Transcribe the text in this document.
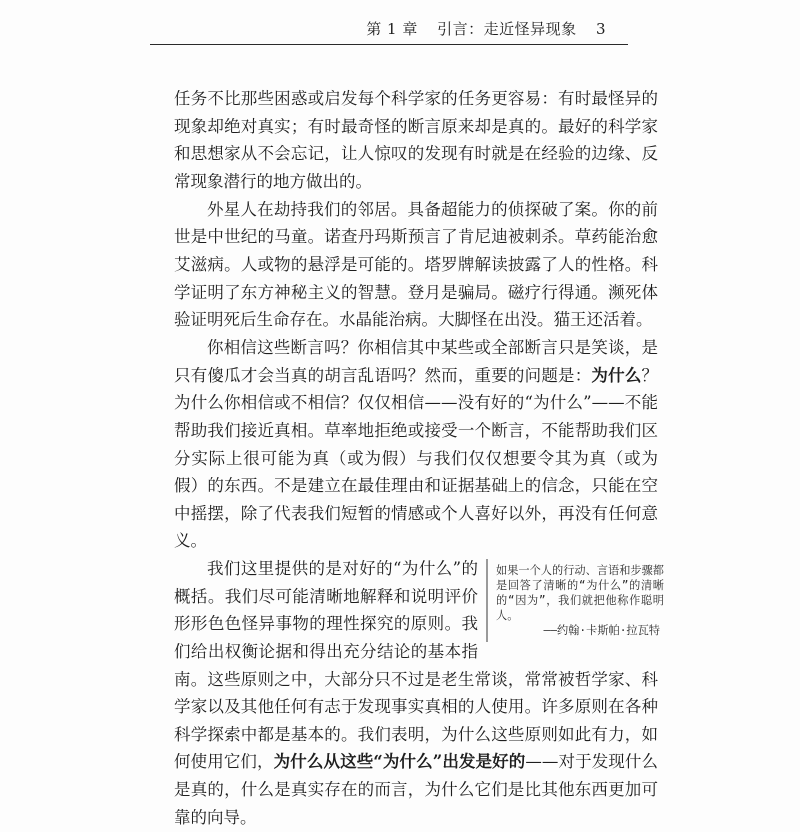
第 1 章 引言：走近怪异现象 3

任务不比那些困惑或启发每个科学家的任务更容易：有时最怪异的现象却绝对真实；有时最奇怪的断言原来却是真的。最好的科学家和思想家从不会忘记，让人惊叹的发现有时就是在经验的边缘、反常现象潜行的地方做出的。

外星人在劫持我们的邻居。具备超能力的侦探破了案。你的前世是中世纪的马童。诺查丹玛斯预言了肯尼迪被刺杀。草药能治愈艾滋病。人或物的悬浮是可能的。塔罗牌解读披露了人的性格。科学证明了东方神秘主义的智慧。登月是骗局。磁疗行得通。濒死体验证明死后生命存在。水晶能治病。大脚怪在出没。猫王还活着。

你相信这些断言吗？你相信其中某些或全部断言只是笑谈，是只有傻瓜才会当真的胡言乱语吗？然而，重要的问题是：为什么？为什么你相信或不相信？仅仅相信——没有好的“为什么”——不能帮助我们接近真相。草率地拒绝或接受一个断言，不能帮助我们区分实际上很可能为真（或为假）与我们仅仅想要令其为真（或为假）的东西。不是建立在最佳理由和证据基础上的信念，只能在空中摇摆，除了代表我们短暂的情感或个人喜好以外，再没有任何意义。

如果一个人的行动、言语和步骤都是回答了清晰的“为什么”的清晰的“因为”，我们就把他称作聪明人。
——约翰·卡斯帕·拉瓦特
我们这里提供的是对好的“为什么”的概括。我们尽可能清晰地解释和说明评价形形色色怪异事物的理性探究的原则。我们给出权衡论据和得出充分结论的基本指南。这些原则之中，大部分只不过是老生常谈，常常被哲学家、科学家以及其他任何有志于发现事实真相的人使用。许多原则在各种科学探索中都是基本的。我们表明，为什么这些原则如此有力，如何使用它们，为什么从这些“为什么”出发是好的——对于发现什么是真的，什么是真实存在的而言，为什么它们是比其他东西更加可靠的向导。
